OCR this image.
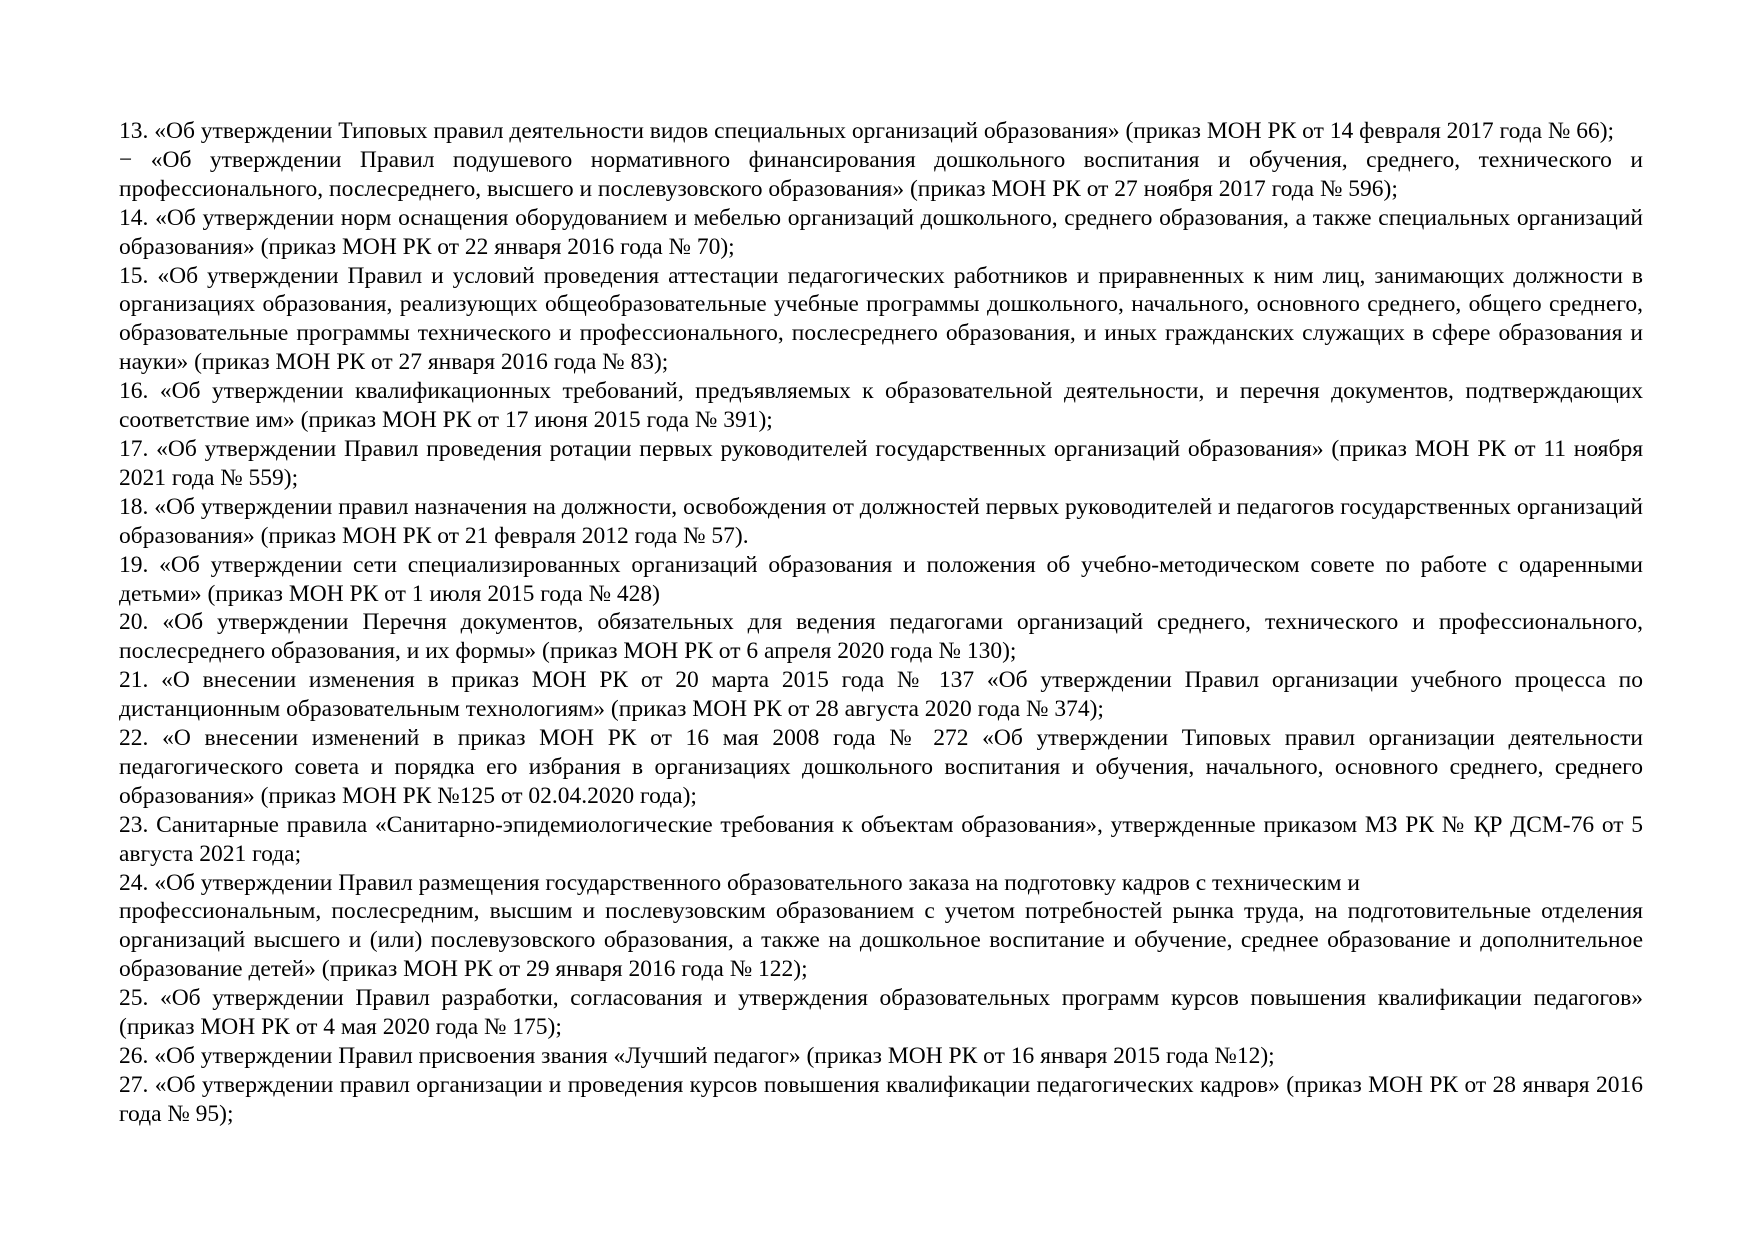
13. «Об утверждении Типовых правил деятельности видов специальных организаций образования» (приказ МОН РК от 14 февраля 2017 года № 66);

− «Об утверждении Правил подушевого нормативного финансирования дошкольного воспитания и обучения, среднего, технического и профессионального, послесреднего, высшего и послевузовского образования» (приказ МОН РК от 27 ноября 2017 года № 596);

14. «Об утверждении норм оснащения оборудованием и мебелью организаций дошкольного, среднего образования, а также специальных организаций образования» (приказ МОН РК от 22 января 2016 года № 70);

15. «Об утверждении Правил и условий проведения аттестации педагогических работников и приравненных к ним лиц, занимающих должности в организациях образования, реализующих общеобразовательные учебные программы дошкольного, начального, основного среднего, общего среднего, образовательные программы технического и профессионального, послесреднего образования, и иных гражданских служащих в сфере образования и науки» (приказ МОН РК от 27 января 2016 года № 83);

16. «Об утверждении квалификационных требований, предъявляемых к образовательной деятельности, и перечня документов, подтверждающих соответствие им» (приказ МОН РК от 17 июня 2015 года № 391);

17. «Об утверждении Правил проведения ротации первых руководителей государственных организаций образования» (приказ МОН РК от 11 ноября 2021 года № 559);

18. «Об утверждении правил назначения на должности, освобождения от должностей первых руководителей и педагогов государственных организаций образования» (приказ МОН РК от 21 февраля 2012 года № 57).

19. «Об утверждении сети специализированных организаций образования и положения об учебно-методическом совете по работе с одаренными детьми» (приказ МОН РК от 1 июля 2015 года № 428)

20. «Об утверждении Перечня документов, обязательных для ведения педагогами организаций среднего, технического и профессионального, послесреднего образования, и их формы» (приказ МОН РК от 6 апреля 2020 года № 130);

21. «О внесении изменения в приказ МОН РК от 20 марта 2015 года № 137 «Об утверждении Правил организации учебного процесса по дистанционным образовательным технологиям» (приказ МОН РК от 28 августа 2020 года № 374);

22. «О внесении изменений в приказ МОН РК от 16 мая 2008 года № 272 «Об утверждении Типовых правил организации деятельности педагогического совета и порядка его избрания в организациях дошкольного воспитания и обучения, начального, основного среднего, среднего образования» (приказ МОН РК №125 от 02.04.2020 года);

23. Санитарные правила «Санитарно-эпидемиологические требования к объектам образования», утвержденные приказом МЗ РК № ҚР ДСМ-76 от 5 августа 2021 года;

24. «Об утверждении Правил размещения государственного образовательного заказа на подготовку кадров с техническим и

профессиональным, послесредним, высшим и послевузовским образованием с учетом потребностей рынка труда, на подготовительные отделения организаций высшего и (или) послевузовского образования, а также на дошкольное воспитание и обучение, среднее образование и дополнительное образование детей» (приказ МОН РК от 29 января 2016 года № 122);

25. «Об утверждении Правил разработки, согласования и утверждения образовательных программ курсов повышения квалификации педагогов» (приказ МОН РК от 4 мая 2020 года № 175);

26. «Об утверждении Правил присвоения звания «Лучший педагог» (приказ МОН РК от 16 января 2015 года №12);

27. «Об утверждении правил организации и проведения курсов повышения квалификации педагогических кадров» (приказ МОН РК от 28 января 2016 года № 95);
